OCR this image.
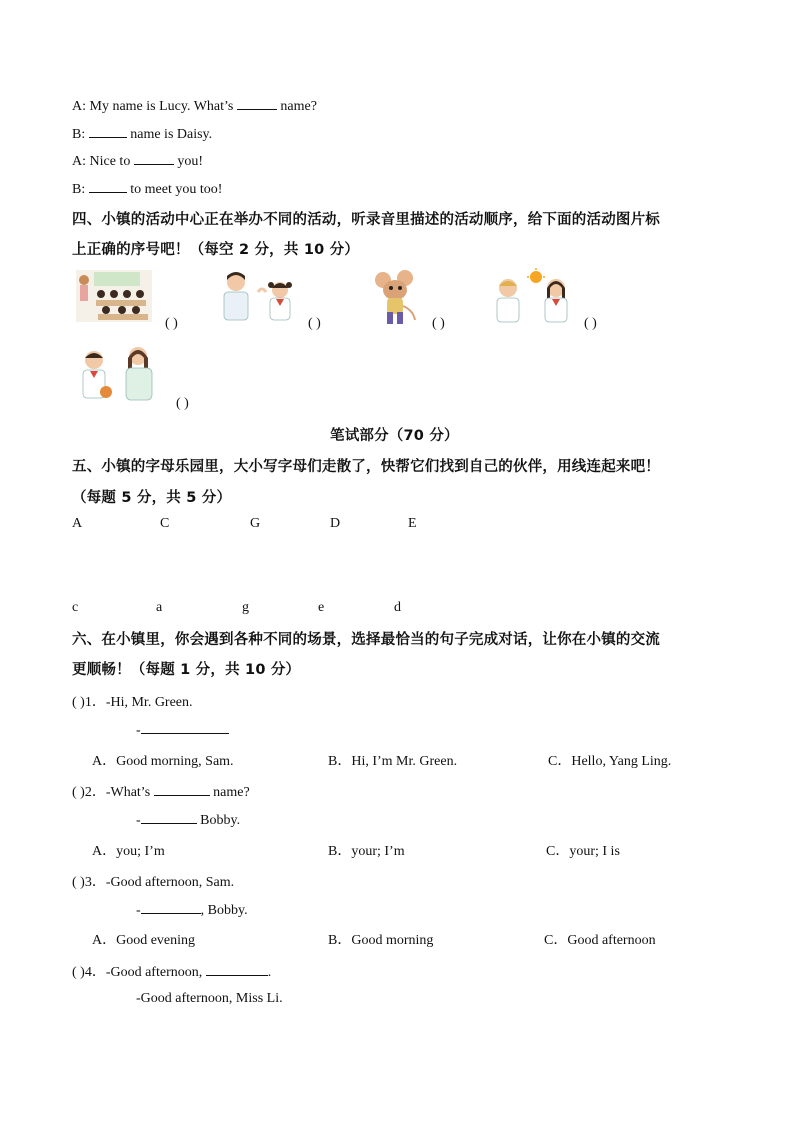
A: My name is Lucy. What’s	name?
B:	name is Daisy.
A: Nice to	you!
B:	to meet you too!
四、小镇的活动中心正在举办不同的活动，听录音里描述的活动顺序，给下面的活动图片标
上正确的序号吧！（每空 2 分，共 10 分）
( )	( )	( )	( )
( )
笔试部分（70 分）
五、小镇的字母乐园里，大小写字母们走散了，快帮它们找到自己的伙伴，用线连起来吧！
（每题 5 分，共 5 分）
A	C	G	D	E
c	a	g	e	d
六、在小镇里，你会遇到各种不同的场景，选择最恰当的句子完成对话，让你在小镇的交流
更顺畅！（每题 1 分，共 10 分）
( )1．-Hi, Mr. Green.
-
A．Good morning, Sam.	B．Hi, I’m Mr. Green.	C．Hello, Yang Ling.
( )2．-What’s	name?
-	Bobby.
A．you; I’m	B．your; I’m	C．your; I is
( )3．-Good afternoon, Sam.
-	, Bobby.
A．Good evening	B．Good morning	C．Good afternoon
( )4．-Good afternoon,	.
-Good afternoon, Miss Li.
